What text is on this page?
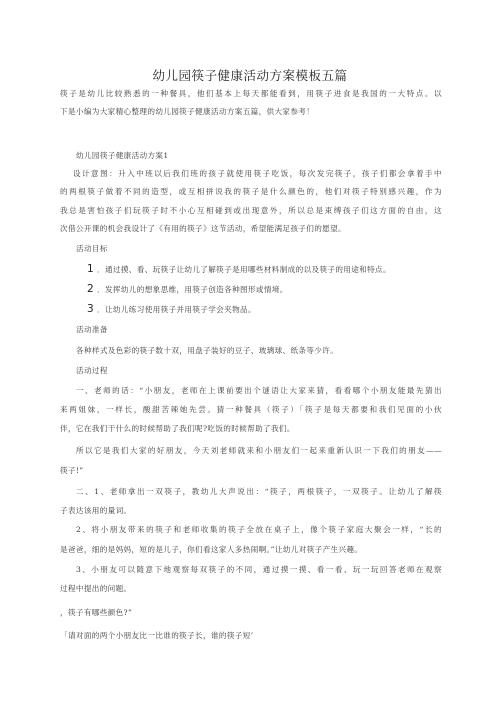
幼儿园筷子健康活动方案模板五篇
筷子是幼儿比较熟悉的一种餐具，他们基本上每天都能看到，用筷子进食是我国的一大特点。以
下是小编为大家精心整理的幼儿园筷子健康活动方案五篇，供大家参考！
幼儿园筷子健康活动方案1
设计意图：升入中班以后我们班的孩子就使用筷子吃饭，每次发完筷子，孩子们都会拿着手中
的两根筷子做着不同的造型，或互相拼说我的筷子是什么颜色的，他们对筷子特别感兴趣，作为
我总是害怕孩子们玩筷子时不小心互相碰到或出现意外，所以总是束缚孩子们这方面的自由，这
次借公开课的机会我设计了《有用的筷子》这节活动，希望能满足孩子们的愿望。
活动目标
1 ．通过摸、看、玩筷子让幼儿了解筷子是用哪些材料制成的以及筷子的用途和特点。
2 ．发挥幼儿的想象思维，用筷子创造各种图形或情境。
3 ．让幼儿练习使用筷子并用筷子学会夹物品。
活动准备
各种样式及色彩的筷子数十双，用盘子装好的豆子、玻璃球、纸条等少许。
活动过程
一、老师的话：“小朋友，老师在上课前要出个谜语让大家来猜，看看哪个小朋友能最先猜出
来两姐妹，一样长，酸甜苦辣她先尝。猜一种餐具（筷子）「筷子是每天都要和我们见面的小伙
伴，它在我们干什么的时候帮助了我们呢?吃饭的时候帮助了我们。
所以它是我们大家的好朋友，今天刘老师就来和小朋友们一起来重新认识一下我们的朋友——
筷子!”
二、1、老师拿出一双筷子，教幼儿大声说出：“筷子，两根筷子，一双筷子。让幼儿了解筷
子表达该用的量词。
2、将小朋友带来的筷子和老师收集的筷子全放在桌子上，像个筷子家庭大聚会一样，“长的
是爸爸，细的是妈妈，短的是儿子，你们看这家人多热闹啊。”让幼儿对筷子产生兴趣。
3、小朋友可以随意下地观察每双筷子的不同，通过摸一摸、看一看、玩一玩回答老师在观察
过程中提出的问题。
，筷子有哪些颜色?”
「请对面的两个小朋友比一比谁的筷子长，谁的筷子短’
